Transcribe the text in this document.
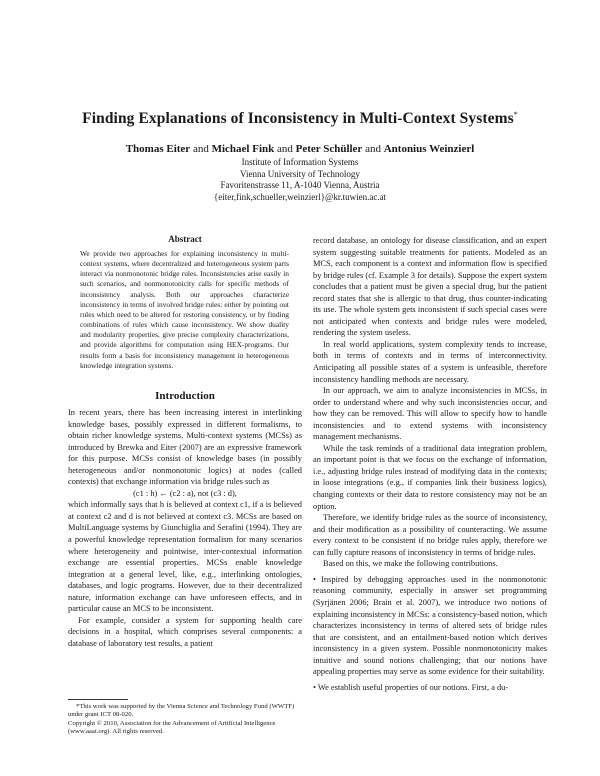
Finding Explanations of Inconsistency in Multi-Context Systems*
Thomas Eiter and Michael Fink and Peter Schüller and Antonius Weinzierl
Institute of Information Systems
Vienna University of Technology
Favoritenstrasse 11, A-1040 Vienna, Austria
{eiter,fink,schueller,weinzierl}@kr.tuwien.ac.at
Abstract
We provide two approaches for explaining inconsistency in multi-context systems, where decentralized and heterogeneous system parts interact via nonmonotonic bridge rules. Inconsistencies arise easily in such scenarios, and nonmonotonicity calls for specific methods of inconsistency analysis. Both our approaches characterize inconsistency in terms of involved bridge rules: either by pointing out rules which need to be altered for restoring consistency, or by finding combinations of rules which cause inconsistency. We show duality and modularity properties, give precise complexity characterizations, and provide algorithms for computation using HEX-programs. Our results form a basis for inconsistency management in heterogeneous knowledge integration systems.
Introduction

In recent years, there has been increasing interest in interlinking knowledge bases, possibly expressed in different formalisms, to obtain richer knowledge systems. Multi-context systems (MCSs) as introduced by Brewka and Eiter (2007) are an expressive framework for this purpose. MCSs consist of knowledge bases (in possibly heterogeneous and/or nonmonotonic logics) at nodes (called contexts) that exchange information via bridge rules such as

(c1 : h) ← (c2 : a), not (c3 : d),

which informally says that h is believed at context c1, if a is believed at context c2 and d is not believed at context c3. MCSs are based on MultiLanguage systems by Giunchiglia and Serafini (1994). They are a powerful knowledge representation formalism for many scenarios where heterogeneity and pointwise, inter-contextual information exchange are essential properties. MCSs enable knowledge integration at a general level, like, e.g., interlinking ontologies, databases, and logic programs. However, due to their decentralized nature, information exchange can have unforeseen effects, and in particular cause an MCS to be inconsistent.

For example, consider a system for supporting health care decisions in a hospital, which comprises several components: a database of laboratory test results, a patient

*This work was supported by the Vienna Science and Technology Fund (WWTF) under grant ICT 08-020.
Copyright © 2010, Association for the Advancement of Artificial Intelligence (www.aaai.org). All rights reserved.

record database, an ontology for disease classification, and an expert system suggesting suitable treatments for patients. Modeled as an MCS, each component is a context and information flow is specified by bridge rules (cf. Example 3 for details). Suppose the expert system concludes that a patient must be given a special drug, but the patient record states that she is allergic to that drug, thus counter-indicating its use. The whole system gets inconsistent if such special cases were not anticipated when contexts and bridge rules were modeled, rendering the system useless.

In real world applications, system complexity tends to increase, both in terms of contexts and in terms of interconnectivity. Anticipating all possible states of a system is unfeasible, therefore inconsistency handling methods are necessary.

In our approach, we aim to analyze inconsistencies in MCSs, in order to understand where and why such inconsistencies occur, and how they can be removed. This will allow to specify how to handle inconsistencies and to extend systems with inconsistency management mechanisms.

While the task reminds of a traditional data integration problem, an important point is that we focus on the exchange of information, i.e., adjusting bridge rules instead of modifying data in the contexts; in loose integrations (e.g., if companies link their business logics), changing contexts or their data to restore consistency may not be an option.

Therefore, we identify bridge rules as the source of inconsistency, and their modification as a possibility of counteracting. We assume every context to be consistent if no bridge rules apply, therefore we can fully capture reasons of inconsistency in terms of bridge rules.

Based on this, we make the following contributions.

• Inspired by debugging approaches used in the nonmonotonic reasoning community, especially in answer set programming (Syrjänen 2006; Brain et al. 2007), we introduce two notions of explaining inconsistency in MCSs: a consistency-based notion, which characterizes inconsistency in terms of altered sets of bridge rules that are consistent, and an entailment-based notion which derives inconsistency in a given system. Possible nonmonotonicity makes intuitive and sound notions challenging; that our notions have appealing properties may serve as some evidence for their suitability.

• We establish useful properties of our notions. First, a du-
